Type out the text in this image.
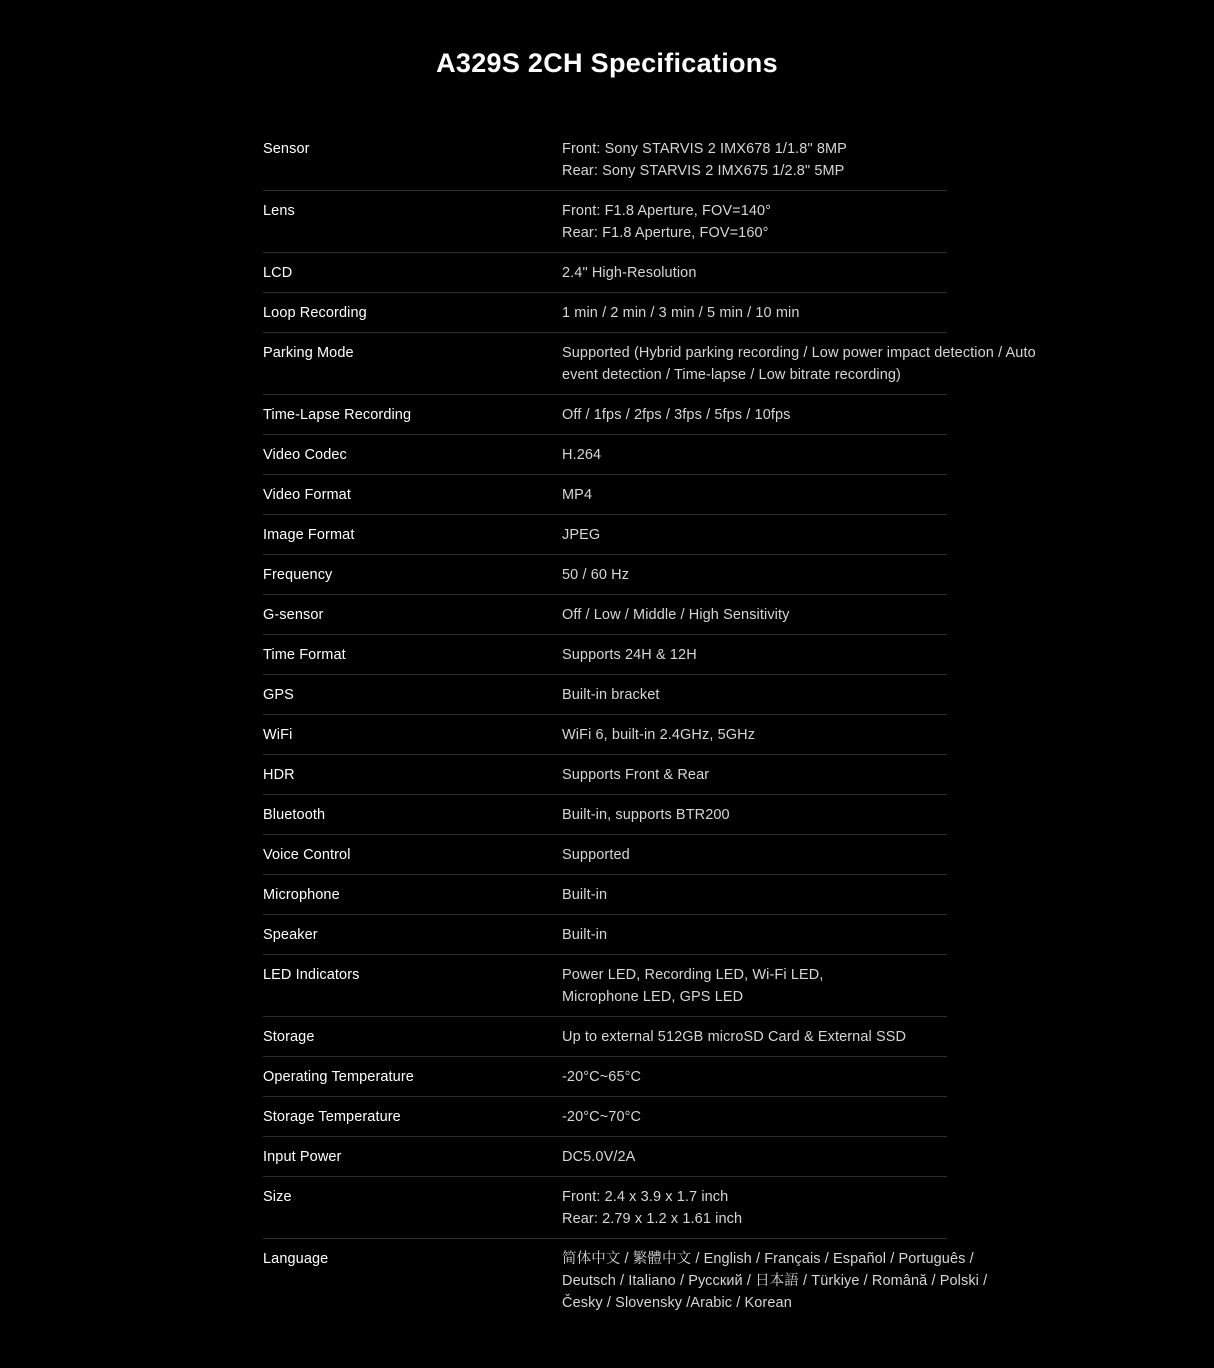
A329S 2CH Specifications
Sensor	Front: Sony STARVIS 2 IMX678 1/1.8" 8MP
Rear: Sony STARVIS 2 IMX675 1/2.8" 5MP
Lens	Front: F1.8 Aperture, FOV=140°
Rear: F1.8 Aperture, FOV=160°
LCD	2.4" High-Resolution
Loop Recording	1 min / 2 min / 3 min / 5 min / 10 min
Parking Mode	Supported (Hybrid parking recording / Low power impact detection / Auto
event detection / Time-lapse / Low bitrate recording)
Time-Lapse Recording	Off / 1fps / 2fps / 3fps / 5fps / 10fps
Video Codec	H.264
Video Format	MP4
Image Format	JPEG
Frequency	50 / 60 Hz
G-sensor	Off / Low / Middle / High Sensitivity
Time Format	Supports 24H & 12H
GPS	Built-in bracket
WiFi	WiFi 6, built-in 2.4GHz, 5GHz
HDR	Supports Front & Rear
Bluetooth	Built-in, supports BTR200
Voice Control	Supported
Microphone	Built-in
Speaker	Built-in
LED Indicators	Power LED, Recording LED, Wi-Fi LED,
Microphone LED, GPS LED
Storage	Up to external 512GB microSD Card & External SSD
Operating Temperature	-20°C~65°C
Storage Temperature	-20°C~70°C
Input Power	DC5.0V/2A
Size	Front: 2.4 x 3.9 x 1.7 inch
Rear: 2.79 x 1.2 x 1.61 inch
Language	简体中文 / 繁體中文 / English / Français / Español / Português /
Deutsch / Italiano / Русский / 日本語 / Türkiye / Română / Polski /
Česky / Slovensky /Arabic / Korean
